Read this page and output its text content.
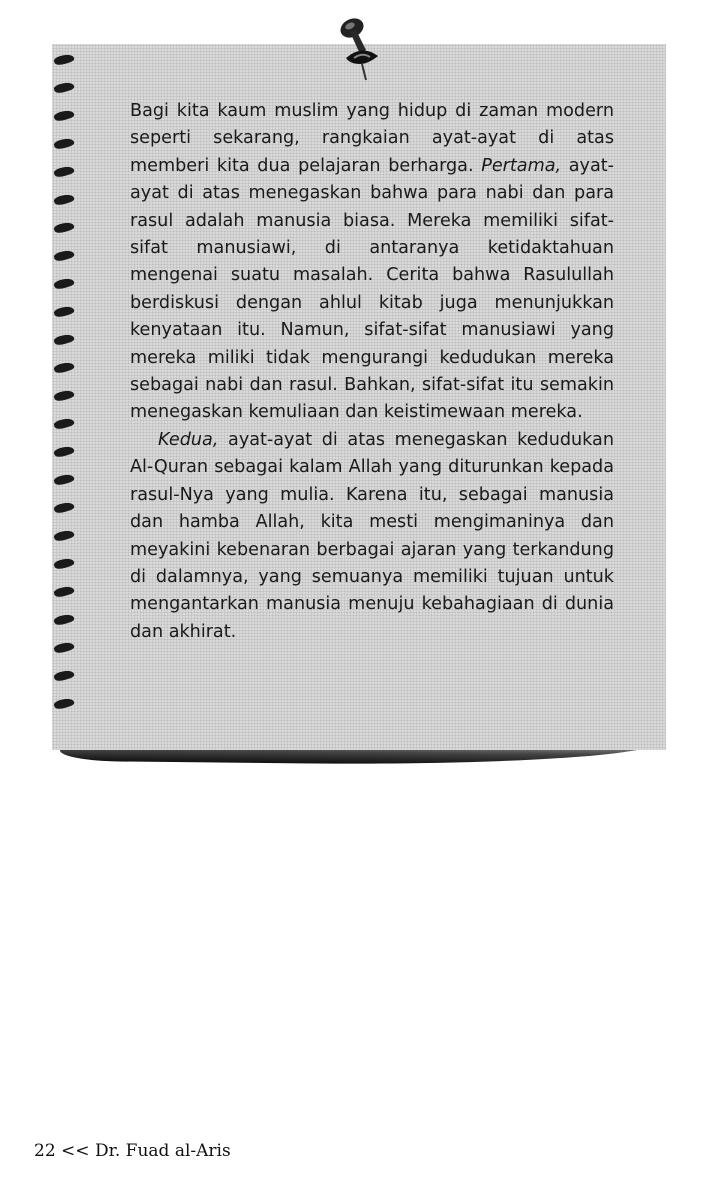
Bagi kita kaum muslim yang hidup di zaman modern seperti sekarang, rangkaian ayat-ayat di atas memberi kita dua pelajaran berharga. Pertama, ayat-ayat di atas menegaskan bahwa para nabi dan para rasul adalah manusia biasa. Mereka memiliki sifat-sifat manusiawi, di antaranya ketidaktahuan mengenai suatu masalah. Cerita bahwa Rasulullah berdiskusi dengan ahlul kitab juga menunjukkan kenyataan itu. Namun, sifat-sifat manusiawi yang mereka miliki tidak mengurangi kedudukan mereka sebagai nabi dan rasul. Bahkan, sifat-sifat itu semakin menegaskan kemuliaan dan keistimewaan mereka.

Kedua, ayat-ayat di atas menegaskan kedudukan Al-Quran sebagai kalam Allah yang diturunkan kepada rasul-Nya yang mulia. Karena itu, sebagai manusia dan hamba Allah, kita mesti mengimaninya dan meyakini kebenaran berbagai ajaran yang terkandung di dalamnya, yang semuanya memiliki tujuan untuk mengantarkan manusia menuju kebahagiaan di dunia dan akhirat.

22 << Dr. Fuad al-Aris
